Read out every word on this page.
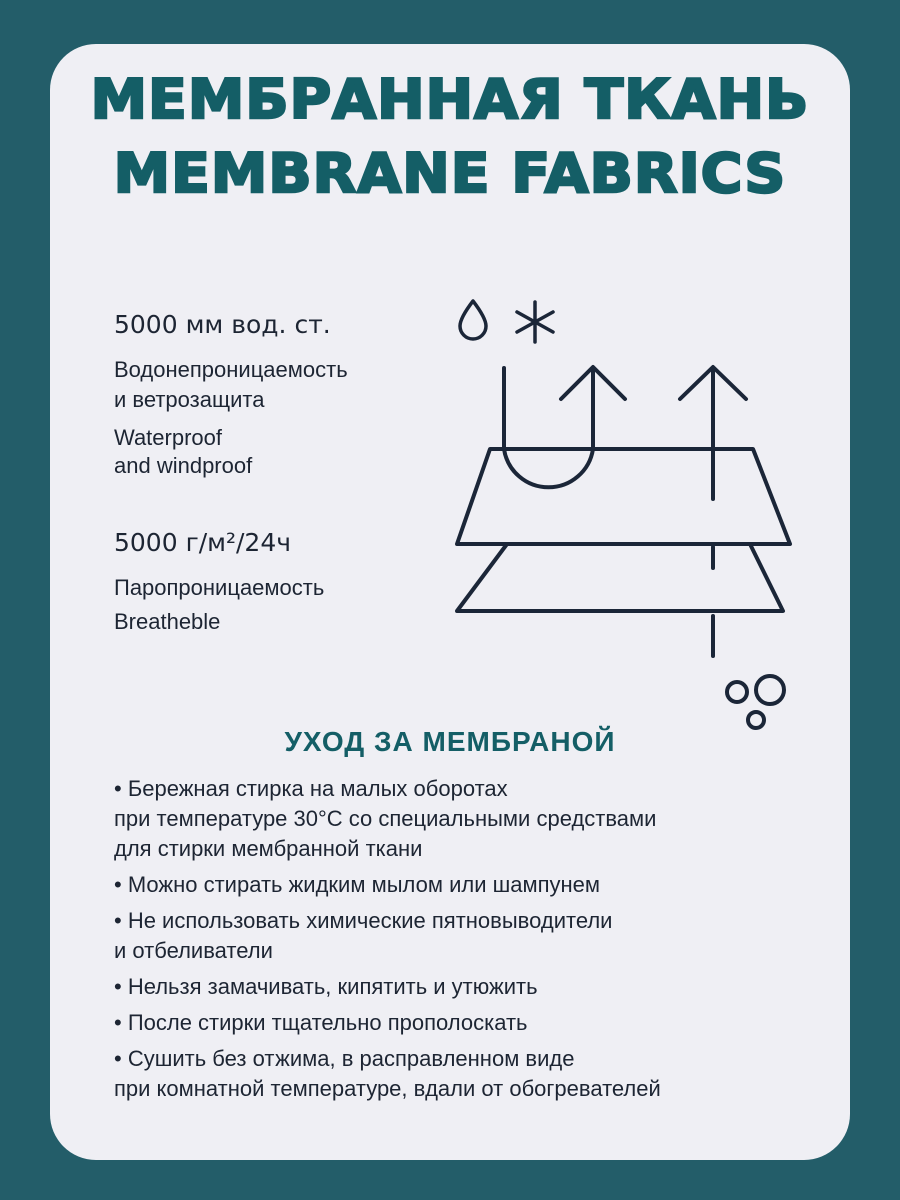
МЕМБРАННАЯ ТКАНЬ
MEMBRANE FABRICS

5000 мм вод. ст.

Водонепроницаемость

и ветрозащита

Waterproof

and windproof

5000 г/м²/24ч

Паропроницаемость

Breatheble

УХОД ЗА МЕМБРАНОЙ
• Бережная стирка на малых оборотах
при температуре 30°С со специальными средствами
для стирки мембранной ткани
• Можно стирать жидким мылом или шампунем
• Не использовать химические пятновыводители
и отбеливатели
• Нельзя замачивать, кипятить и утюжить
• После стирки тщательно прополоскать
• Сушить без отжима, в расправленном виде
при комнатной температуре, вдали от обогревателей
